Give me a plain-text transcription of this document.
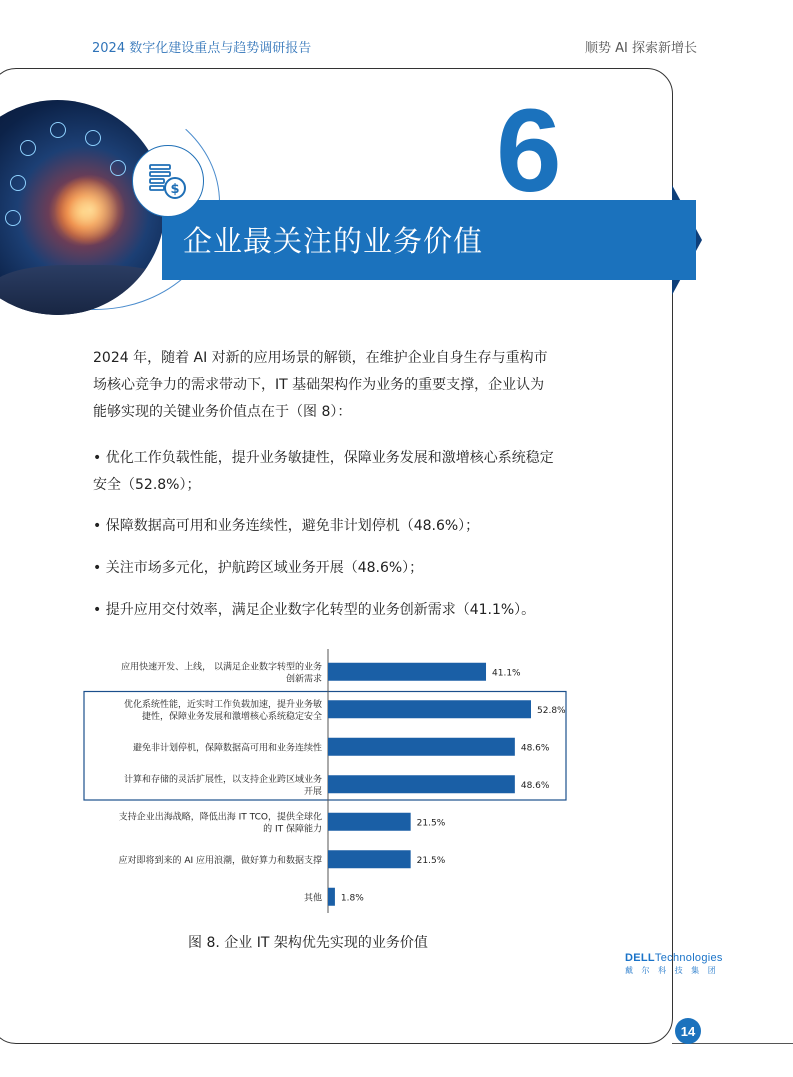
2024 数字化建设重点与趋势调研报告	顺势 AI 探索新增长
$	6
企业最关注的业务价值

2024 年，随着 AI 对新的应用场景的解锁，在维护企业自身生存与重构市场核心竞争力的需求带动下，IT 基础架构作为业务的重要支撑，企业认为能够实现的关键业务价值点在于（图 8）：

• 优化工作负载性能，提升业务敏捷性，保障业务发展和激增核心系统稳定安全（52.8%）；

• 保障数据高可用和业务连续性，避免非计划停机（48.6%）；

• 关注市场多元化，护航跨区域业务开展（48.6%）；

• 提升应用交付效率，满足企业数字化转型的业务创新需求（41.1%）。

应用快速开发、上线， 以满足企业数字转型的业务
创新需求
41.1%
优化系统性能，近实时工作负载加速，提升业务敏
捷性，保障业务发展和激增核心系统稳定安全
52.8%
避免非计划停机，保障数据高可用和业务连续性	48.6%
计算和存储的灵活扩展性，以支持企业跨区域业务
开展
48.6%
支持企业出海战略，降低出海 IT TCO，提供全球化
的 IT 保障能力
21.5%
应对即将到来的 AI 应用浪潮，做好算力和数据支撑	21.5%
其他 1.8%
图 8. 企业 IT 架构优先实现的业务价值
DELLTechnologies
戴 尔 科 技 集 团
14
